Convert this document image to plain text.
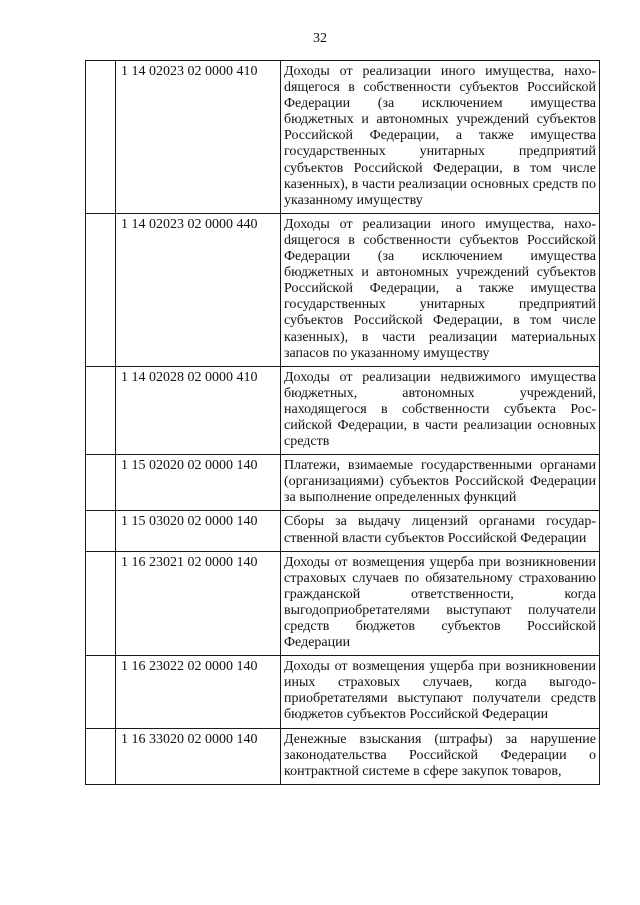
32
	1 14 02023 02 0000 410	Доходы от реализации иного имущества, нахоdящегося в собственности субъектов Российской Федерации (за исключением имущества бюджетных и автономных учреждений субъектов Российской Федерации, а также имущества государственных унитарных предприятий субъектов Российской Федерации, в том числе казенных), в части реализации основных средств по указанному имуществу

	1 14 02023 02 0000 440	Доходы от реализации иного имущества, нахоdящегося в собственности субъектов Российской Федерации (за исключением имущества бюджетных и автономных учреждений субъектов Российской Федерации, а также имущества государственных унитарных предприятий субъектов Российской Федерации, в том числе казенных), в части реализации материальных запасов по указанному имуществу

	1 14 02028 02 0000 410	Доходы от реализации недвижимого имущества бюджетных, автономных учреждений, находящегося в собственности субъекта Российской Федерации, в части реализации основных средств

	1 15 02020 02 0000 140	Платежи, взимаемые государственными органами (организациями) субъектов Российской Федерации за выполнение определенных функций

	1 15 03020 02 0000 140	Сборы за выдачу лицензий органами государственной власти субъектов Российской Федерации

	1 16 23021 02 0000 140	Доходы от возмещения ущерба при возникновении страховых случаев по обязательному страхованию гражданской ответственности, когда выгодоприобретателями выступают получатели средств бюджетов субъектов Российской Федерации

	1 16 23022 02 0000 140	Доходы от возмещения ущерба при возникновении иных страховых случаев, когда выгодоприобретателями выступают получатели средств бюджетов субъектов Российской Федерации

	1 16 33020 02 0000 140	Денежные взыскания (штрафы) за нарушение законодательства Российской Федерации о контрактной системе в сфере закупок товаров,
